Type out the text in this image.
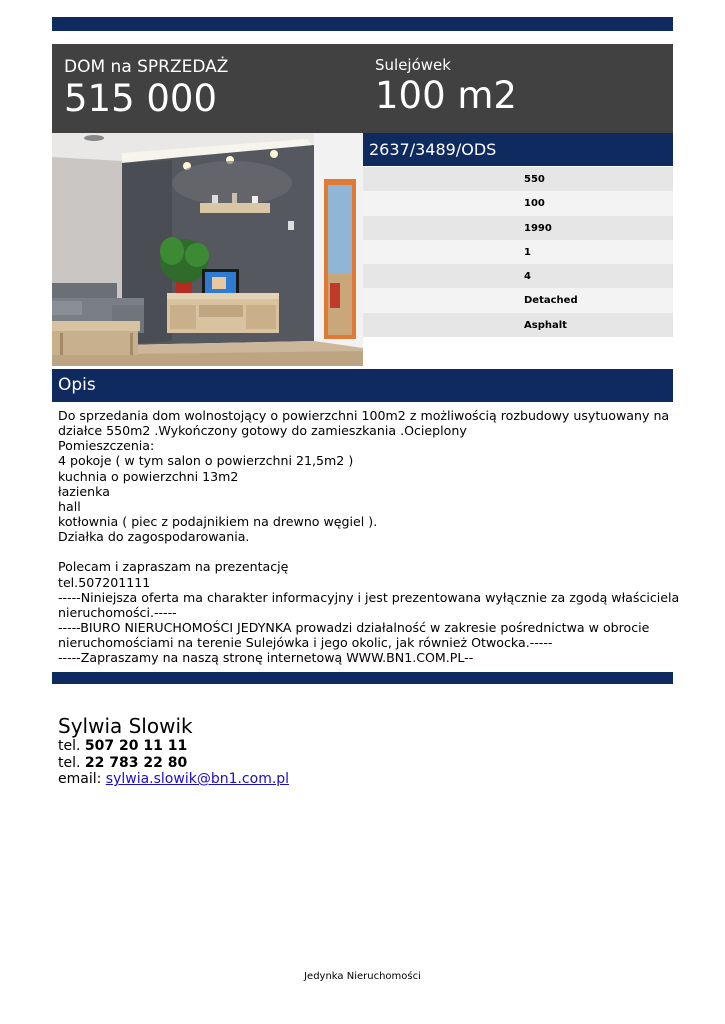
DOM na SPRZEDAŻ
515 000
Sulejówek
100 m2
2637/3489/ODS
550
100
1990
1
4
Detached
Asphalt
Opis
Do sprzedania dom wolnostojący o powierzchni 100m2 z możliwością rozbudowy usytuowany na
działce 550m2 .Wykończony gotowy do zamieszkania .Ocieplony
Pomieszczenia:
4 pokoje ( w tym salon o powierzchni 21,5m2 )
kuchnia o powierzchni 13m2
łazienka
hall
kotłownia ( piec z podajnikiem na drewno węgiel ).
Działka do zagospodarowania.
Polecam i zapraszam na prezentację
tel.507201111
-----Niniejsza oferta ma charakter informacyjny i jest prezentowana wyłącznie za zgodą właściciela
nieruchomości.-----
-----BIURO NIERUCHOMOŚCI JEDYNKA prowadzi działalność w zakresie pośrednictwa w obrocie
nieruchomościami na terenie Sulejówka i jego okolic, jak również Otwocka.-----
-----Zapraszamy na naszą stronę internetową WWW.BN1.COM.PL--
Sylwia Slowik
tel. 507 20 11 11
tel. 22 783 22 80
email: sylwia.slowik@bn1.com.pl
Jedynka Nieruchomości
